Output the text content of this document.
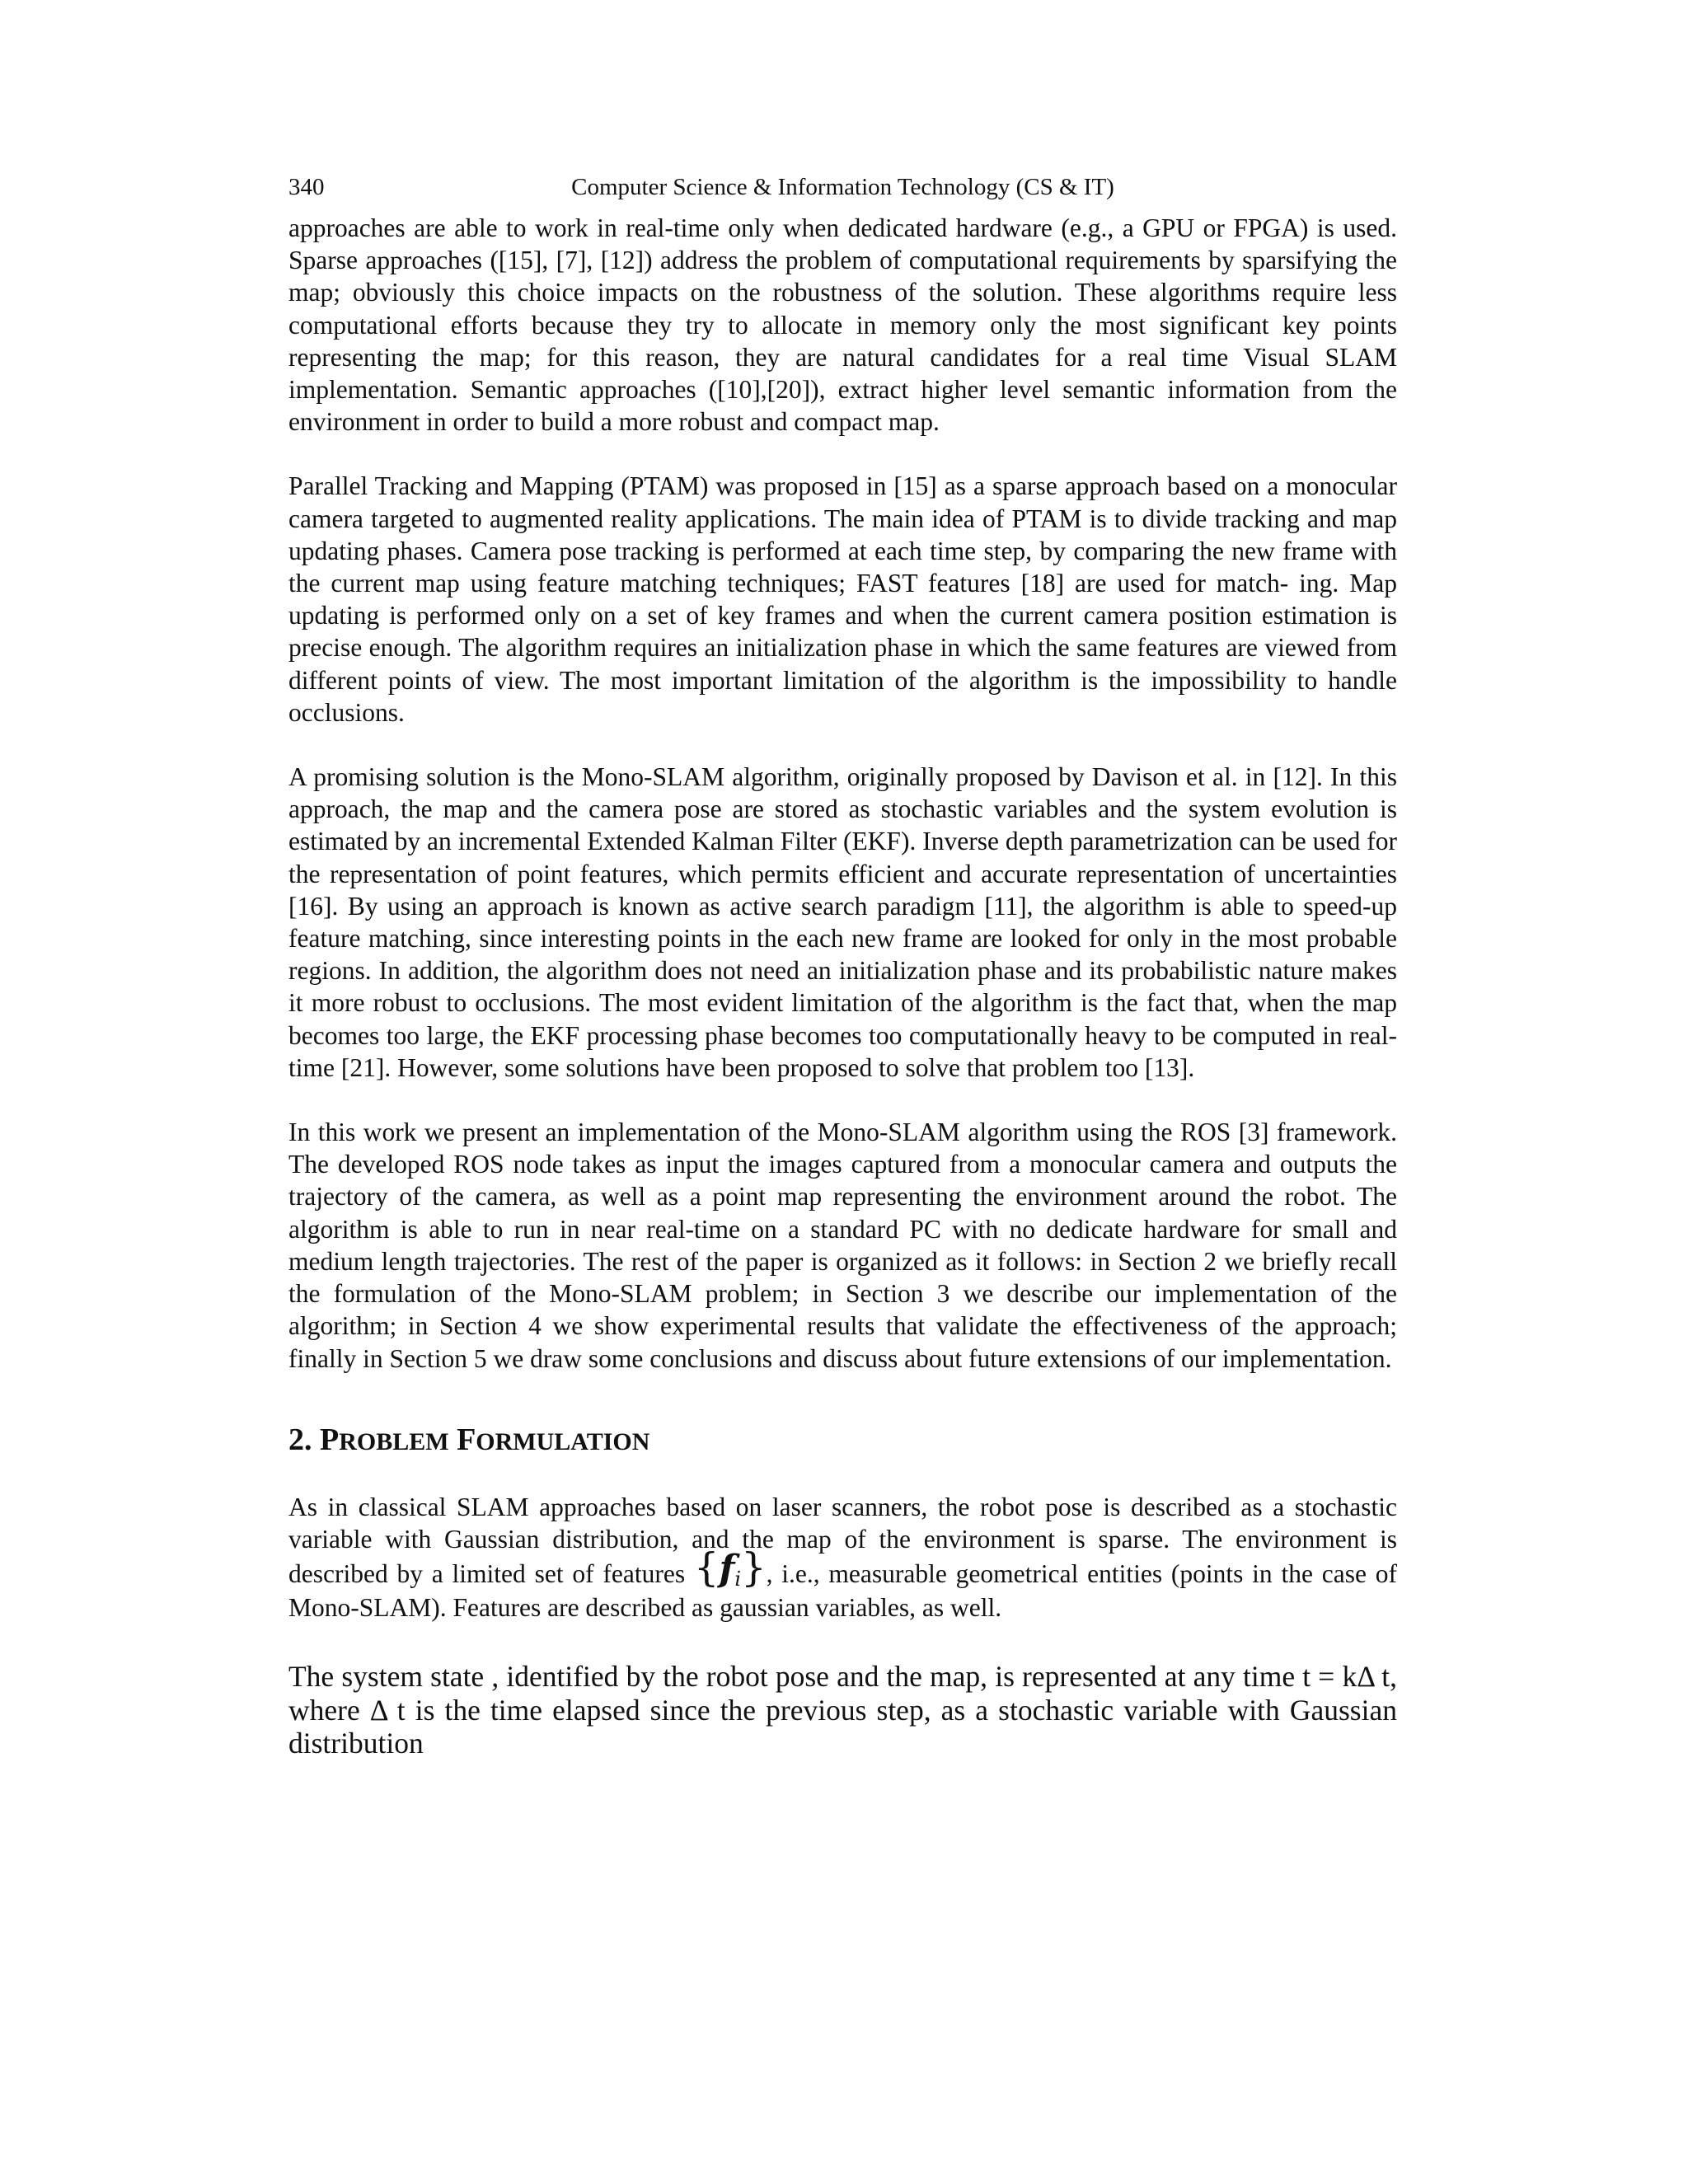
340	Computer Science & Information Technology (CS & IT)

approaches are able to work in real-time only when dedicated hardware (e.g., a GPU or FPGA) is used. Sparse approaches ([15], [7], [12]) address the problem of computational requirements by sparsifying the map; obviously this choice impacts on the robustness of the solution. These algorithms require less computational efforts because they try to allocate in memory only the most significant key points representing the map; for this reason, they are natural candidates for a real time Visual SLAM implementation. Semantic approaches ([10],[20]), extract higher level semantic information from the environment in order to build a more robust and compact map.

Parallel Tracking and Mapping (PTAM) was proposed in [15] as a sparse approach based on a monocular camera targeted to augmented reality applications. The main idea of PTAM is to divide tracking and map updating phases. Camera pose tracking is performed at each time step, by comparing the new frame with the current map using feature matching techniques; FAST features [18] are used for match- ing. Map updating is performed only on a set of key frames and when the current camera position estimation is precise enough. The algorithm requires an initialization phase in which the same features are viewed from different points of view. The most important limitation of the algorithm is the impossibility to handle occlusions.

A promising solution is the Mono-SLAM algorithm, originally proposed by Davison et al. in [12]. In this approach, the map and the camera pose are stored as stochastic variables and the system evolution is estimated by an incremental Extended Kalman Filter (EKF). Inverse depth parametrization can be used for the representation of point features, which permits efficient and accurate representation of uncertainties [16]. By using an approach is known as active search paradigm [11], the algorithm is able to speed-up feature matching, since interesting points in the each new frame are looked for only in the most probable regions. In addition, the algorithm does not need an initialization phase and its probabilistic nature makes it more robust to occlusions. The most evident limitation of the algorithm is the fact that, when the map becomes too large, the EKF processing phase becomes too computationally heavy to be computed in real- time [21]. However, some solutions have been proposed to solve that problem too [13].

In this work we present an implementation of the Mono-SLAM algorithm using the ROS [3] framework. The developed ROS node takes as input the images captured from a monocular camera and outputs the trajectory of the camera, as well as a point map representing the environment around the robot. The algorithm is able to run in near real-time on a standard PC with no dedicate hardware for small and medium length trajectories. The rest of the paper is organized as it follows: in Section 2 we briefly recall the formulation of the Mono-SLAM problem; in Section 3 we describe our implementation of the algorithm; in Section 4 we show experimental results that validate the effectiveness of the approach; finally in Section 5 we draw some conclusions and discuss about future extensions of our implementation.

2. PROBLEM FORMULATION

As in classical SLAM approaches based on laser scanners, the robot pose is described as a stochastic variable with Gaussian distribution, and the map of the environment is sparse. The environment is described by a limited set of features $\{f_i\}$, i.e., measurable geometrical entities (points in the case of Mono-SLAM). Features are described as gaussian variables, as well.

The system state , identified by the robot pose and the map, is represented at any time t = kΔ t, where Δ t is the time elapsed since the previous step, as a stochastic variable with Gaussian distribution
